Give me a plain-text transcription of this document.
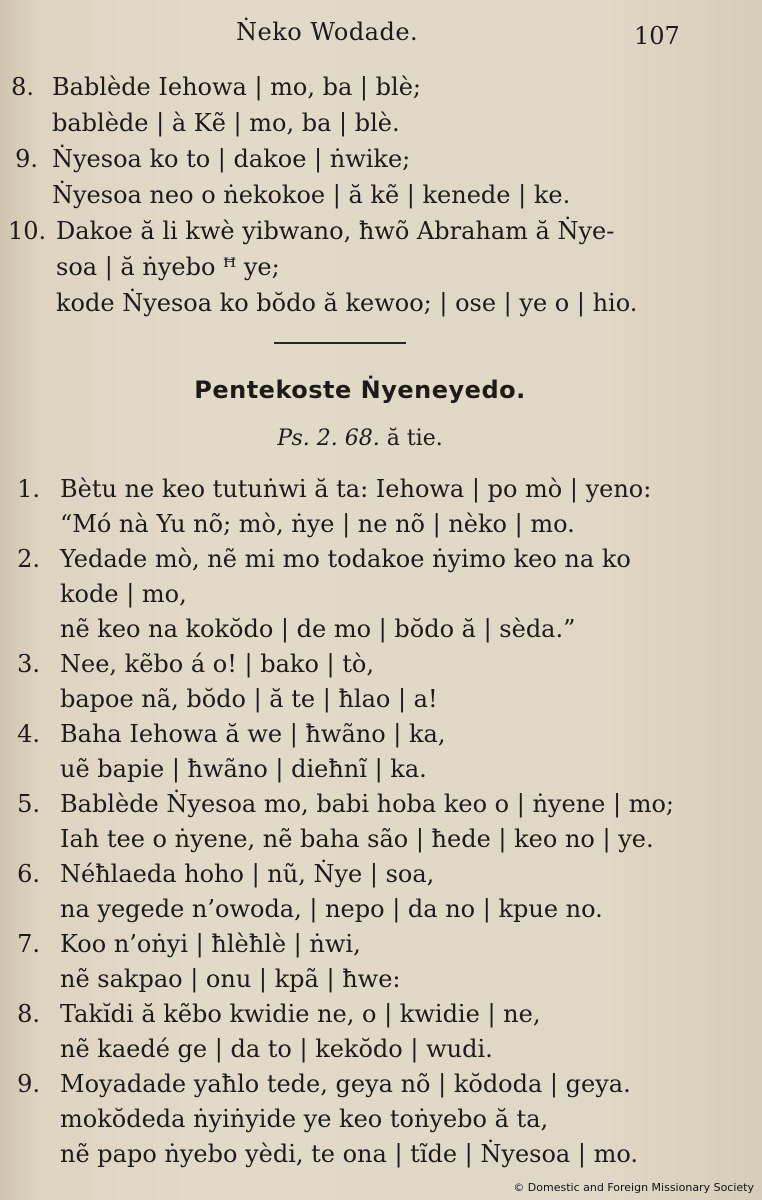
Ṅeko Wodade.	107
8. Bablède Iehowa | mo, ba | blè;
bablède | à Kẽ | mo, ba | blè.
9. Ṅyesoa ko to | dakoe | ṅwike;
Ṅyesoa neo o ṅekokoe | ă kẽ | kenede | ke.
10. Dakoe ă li kwè yibwano, ħwõ Abraham ă Ṅye-
soa | ă ṅyebo ꟸ ye;
kode Ṅyesoa ko bŏdo ă kewoo; | ose | ye o | hio.
Pentekoste Ṅyeneyedo.
Ps. 2. 68. ă tie.
1. Bètu ne keo tutuṅwi ă ta: Iehowa | po mò | yeno:
“Mó nà Yu nõ; mò, ṅye | ne nõ | nèko | mo.
2. Yedade mò, nẽ mi mo todakoe ṅyimo keo na ko
kode | mo,
nẽ keo na kokŏdo | de mo | bŏdo ă | sèda.”
3. Nee, kẽbo á o! | bako | tò,
bapoe nã, bŏdo | ă te | ħlao | a!
4. Baha Iehowa ă we | ħwãno | ka,
uẽ bapie | ħwãno | dieħnĩ | ka.
5. Bablède Ṅyesoa mo, babi hoba keo o | ṅyene | mo;
Iah tee o ṅyene, nẽ baha são | ħede | keo no | ye.
6. Néħlaeda hoho | nũ, Ṅye | soa,
na yegede n’owoda, | nepo | da no | kpue no.
7. Koo n’oṅyi | ħlèħlè | ṅwi,
nẽ sakpao | onu | kpã | ħwe:
8. Takĭdi ă kẽbo kwidie ne, o | kwidie | ne,
nẽ kaedé ge | da to | kekŏdo | wudi.
9. Moyadade yaħlo tede, geya nõ | kŏdoda | geya.
mokŏdeda ṅyiṅyide ye keo toṅyebo ă ta,
nẽ papo ṅyebo yèdi, te ona | tĩde | Ṅyesoa | mo.
© Domestic and Foreign Missionary Society
